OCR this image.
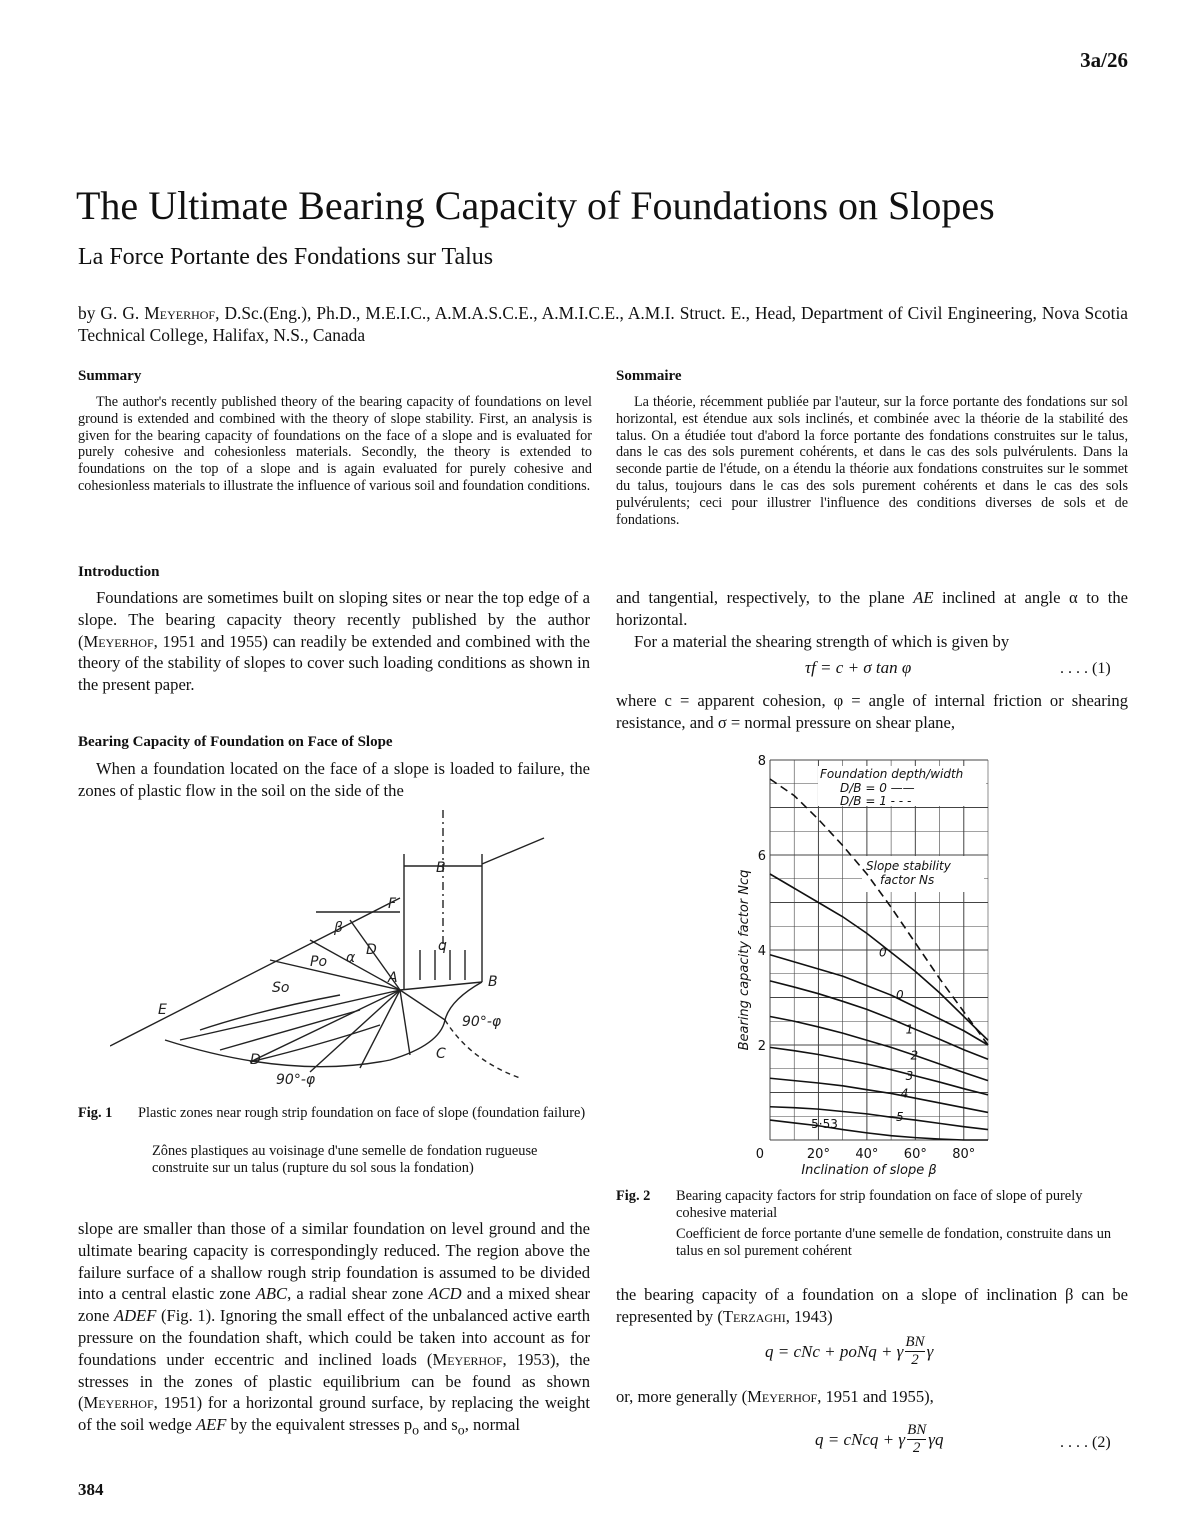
3a/26
The Ultimate Bearing Capacity of Foundations on Slopes
La Force Portante des Fondations sur Talus
by G. G. Meyerhof, D.Sc.(Eng.), Ph.D., M.E.I.C., A.M.A.S.C.E., A.M.I.C.E., A.M.I. Struct. E., Head, Department of Civil Engineering, Nova Scotia Technical College, Halifax, N.S., Canada
Summary
The author's recently published theory of the bearing capacity of foundations on level ground is extended and combined with the theory of slope stability. First, an analysis is given for the bearing capacity of foundations on the face of a slope and is evaluated for purely cohesive and cohesionless materials. Secondly, the theory is extended to foundations on the top of a slope and is again evaluated for purely cohesive and cohesionless materials to illustrate the influence of various soil and foundation conditions.
Sommaire
La théorie, récemment publiée par l'auteur, sur la force portante des fondations sur sol horizontal, est étendue aux sols inclinés, et combinée avec la théorie de la stabilité des talus. On a étudiée tout d'abord la force portante des fondations construites sur le talus, dans le cas des sols purement cohérents, et dans le cas des sols pulvérulents. Dans la seconde partie de l'étude, on a étendu la théorie aux fondations construites sur le sommet du talus, toujours dans le cas des sols purement cohérents et dans le cas des sols pulvérulents; ceci pour illustrer l'influence des conditions diverses de sols et de fondations.
Introduction
Foundations are sometimes built on sloping sites or near the top edge of a slope. The bearing capacity theory recently published by the author (Meyerhof, 1951 and 1955) can readily be extended and combined with the theory of the stability of slopes to cover such loading conditions as shown in the present paper.
Bearing Capacity of Foundation on Face of Slope
When a foundation located on the face of a slope is loaded to failure, the zones of plastic flow in the soil on the side of the
B
F
β
D	q
Po α
A	B
So
E
90°-φ
C
D
90°-φ
Fig. 1 Plastic zones near rough strip foundation on face of slope (foundation failure)
Zônes plastiques au voisinage d'une semelle de fondation rugueuse construite sur un talus (rupture du sol sous la fondation)
slope are smaller than those of a similar foundation on level ground and the ultimate bearing capacity is correspondingly reduced. The region above the failure surface of a shallow rough strip foundation is assumed to be divided into a central elastic zone ABC, a radial shear zone ACD and a mixed shear zone ADEF (Fig. 1). Ignoring the small effect of the unbalanced active earth pressure on the foundation shaft, which could be taken into account as for foundations under eccentric and inclined loads (Meyerhof, 1953), the stresses in the zones of plastic equilibrium can be found as shown (Meyerhof, 1951) for a horizontal ground surface, by replacing the weight of the soil wedge AEF by the equivalent stresses $p_o$ and $s_o$, normal
and tangential, respectively, to the plane AE inclined at angle α to the horizontal.
For a material the shearing strength of which is given by
τf = c + σ tan φ	. . . . (1)
where c = apparent cohesion, φ = angle of internal friction or shearing resistance, and σ = normal pressure on shear plane,
0
0
1
2
3
4
5
5·53
0	20° 40° 60° 80°
2
4
6
8
Inclination of slope β
Bearing capacity factor Ncq
Foundation depth/width
D/B = 0 ——
D/B = 1 - - -
Slope stability
factor Ns
Fig. 2 Bearing capacity factors for strip foundation on face of slope of purely cohesive material
Coefficient de force portante d'une semelle de fondation, construite dans un talus en sol purement cohérent
the bearing capacity of a foundation on a slope of inclination β can be represented by (Terzaghi, 1943)
q = cNc + poNq + γ $\frac{BN}{2}$ γ
or, more generally (Meyerhof, 1951 and 1955),
q = cNcq + γ $\frac{BN}{2}$ γq	. . . . (2)
384
